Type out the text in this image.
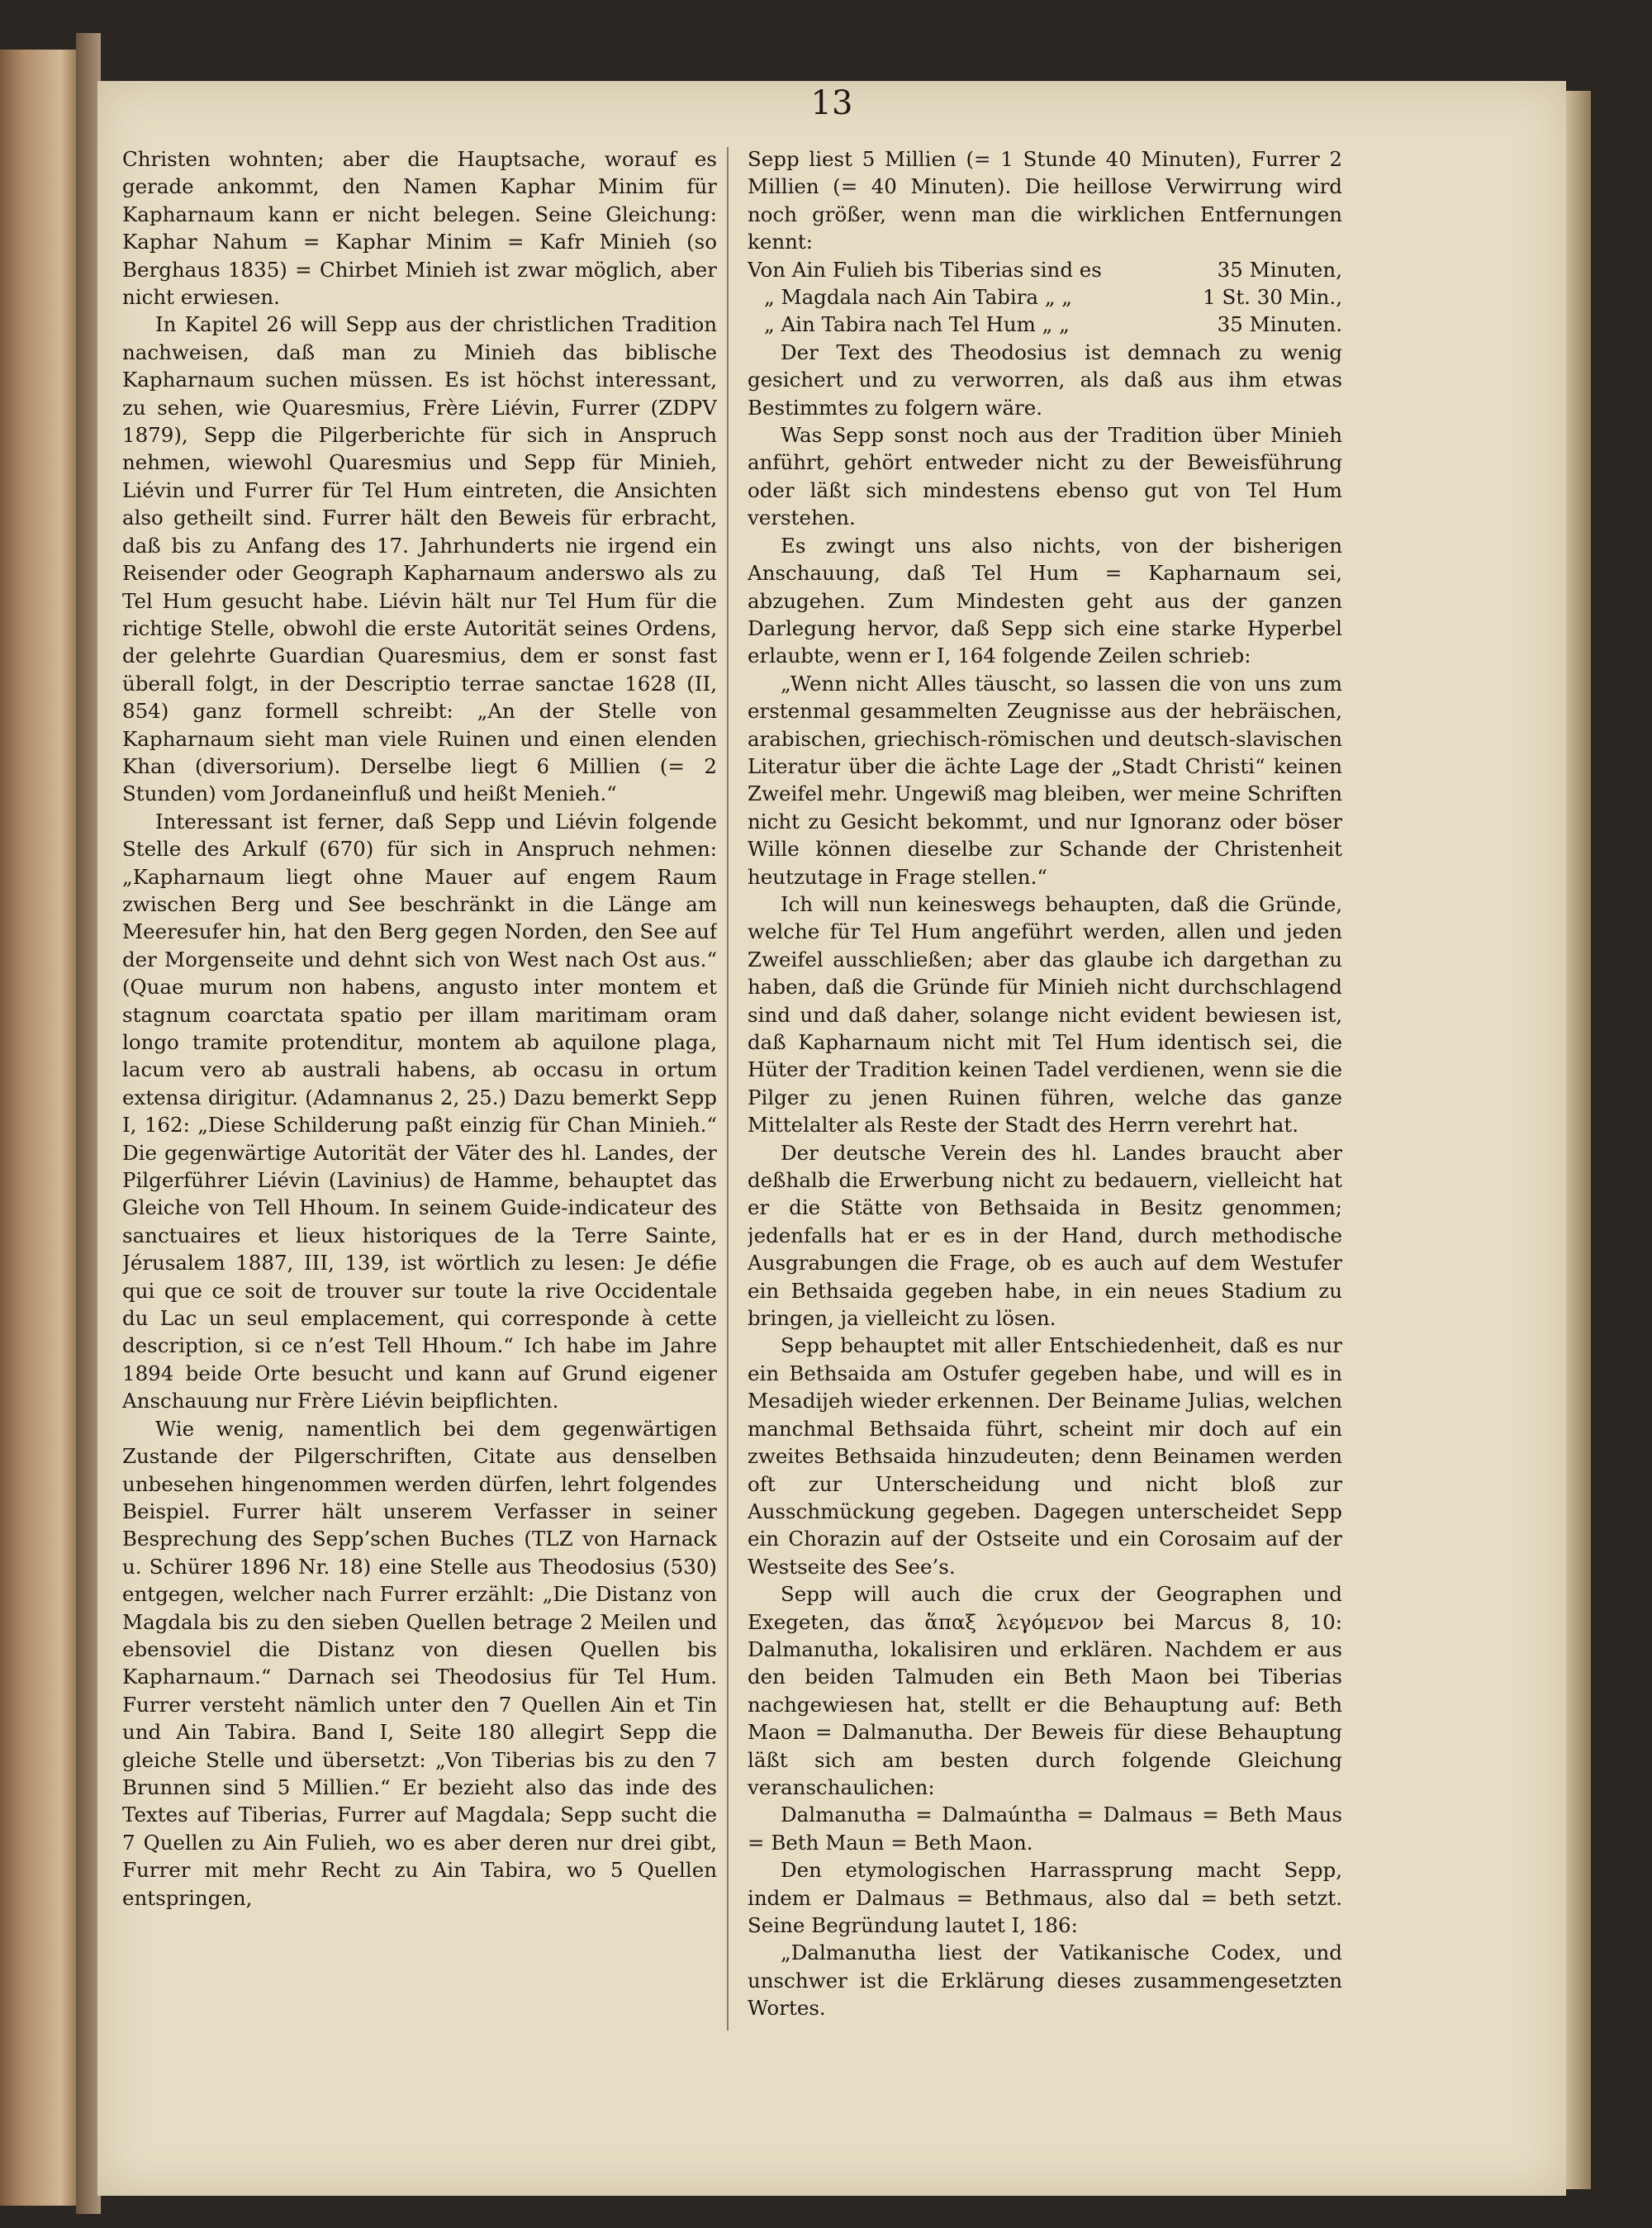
13

Christen wohnten; aber die Hauptsache, worauf es gerade ankommt, den Namen Kaphar Minim für Kapharnaum kann er nicht belegen. Seine Gleichung: Kaphar Nahum = Kaphar Minim = Kafr Minieh (so Berghaus 1835) = Chirbet Minieh ist zwar möglich, aber nicht erwiesen.

In Kapitel 26 will Sepp aus der christlichen Tradition nachweisen, daß man zu Minieh das biblische Kapharnaum suchen müssen. Es ist höchst interessant, zu sehen, wie Quaresmius, Frère Liévin, Furrer (ZDPV 1879), Sepp die Pilgerberichte für sich in Anspruch nehmen, wiewohl Quaresmius und Sepp für Minieh, Liévin und Furrer für Tel Hum eintreten, die Ansichten also getheilt sind. Furrer hält den Beweis für erbracht, daß bis zu Anfang des 17. Jahrhunderts nie irgend ein Reisender oder Geograph Kapharnaum anderswo als zu Tel Hum gesucht habe. Liévin hält nur Tel Hum für die richtige Stelle, obwohl die erste Autorität seines Ordens, der gelehrte Guardian Quaresmius, dem er sonst fast überall folgt, in der Descriptio terrae sanctae 1628 (II, 854) ganz formell schreibt: „An der Stelle von Kapharnaum sieht man viele Ruinen und einen elenden Khan (diversorium). Derselbe liegt 6 Millien (= 2 Stunden) vom Jordaneinfluß und heißt Menieh.“

Interessant ist ferner, daß Sepp und Liévin folgende Stelle des Arkulf (670) für sich in Anspruch nehmen: „Kapharnaum liegt ohne Mauer auf engem Raum zwischen Berg und See beschränkt in die Länge am Meeresufer hin, hat den Berg gegen Norden, den See auf der Morgenseite und dehnt sich von West nach Ost aus.“ (Quae murum non habens, angusto inter montem et stagnum coarctata spatio per illam maritimam oram longo tramite protenditur, montem ab aquilone plaga, lacum vero ab australi habens, ab occasu in ortum extensa dirigitur. (Adamnanus 2, 25.) Dazu bemerkt Sepp I, 162: „Diese Schilderung paßt einzig für Chan Minieh.“ Die gegenwärtige Autorität der Väter des hl. Landes, der Pilgerführer Liévin (Lavinius) de Hamme, behauptet das Gleiche von Tell Hhoum. In seinem Guide-indicateur des sanctuaires et lieux historiques de la Terre Sainte, Jérusalem 1887, III, 139, ist wörtlich zu lesen: Je défie qui que ce soit de trouver sur toute la rive Occidentale du Lac un seul emplacement, qui corresponde à cette description, si ce n’est Tell Hhoum.“ Ich habe im Jahre 1894 beide Orte besucht und kann auf Grund eigener Anschauung nur Frère Liévin beipflichten.

Wie wenig, namentlich bei dem gegenwärtigen Zustande der Pilgerschriften, Citate aus denselben unbesehen hingenommen werden dürfen, lehrt folgendes Beispiel. Furrer hält unserem Verfasser in seiner Besprechung des Sepp’schen Buches (TLZ von Harnack u. Schürer 1896 Nr. 18) eine Stelle aus Theodosius (530) entgegen, welcher nach Furrer erzählt: „Die Distanz von Magdala bis zu den sieben Quellen betrage 2 Meilen und ebensoviel die Distanz von diesen Quellen bis Kapharnaum.“ Darnach sei Theodosius für Tel Hum. Furrer versteht nämlich unter den 7 Quellen Ain et Tin und Ain Tabira. Band I, Seite 180 allegirt Sepp die gleiche Stelle und übersetzt: „Von Tiberias bis zu den 7 Brunnen sind 5 Millien.“ Er bezieht also das inde des Textes auf Tiberias, Furrer auf Magdala; Sepp sucht die 7 Quellen zu Ain Fulieh, wo es aber deren nur drei gibt, Furrer mit mehr Recht zu Ain Tabira, wo 5 Quellen entspringen,

Sepp liest 5 Millien (= 1 Stunde 40 Minuten), Furrer 2 Millien (= 40 Minuten). Die heillose Verwirrung wird noch größer, wenn man die wirklichen Entfernungen kennt:

Von Ain Fulieh bis Tiberias sind es	35 Minuten,
„ Magdala nach Ain Tabira „ „	1 St. 30 Min.,
„ Ain Tabira nach Tel Hum „ „	35 Minuten.

Der Text des Theodosius ist demnach zu wenig gesichert und zu verworren, als daß aus ihm etwas Bestimmtes zu folgern wäre.

Was Sepp sonst noch aus der Tradition über Minieh anführt, gehört entweder nicht zu der Beweisführung oder läßt sich mindestens ebenso gut von Tel Hum verstehen.

Es zwingt uns also nichts, von der bisherigen Anschauung, daß Tel Hum = Kapharnaum sei, abzugehen. Zum Mindesten geht aus der ganzen Darlegung hervor, daß Sepp sich eine starke Hyperbel erlaubte, wenn er I, 164 folgende Zeilen schrieb:

„Wenn nicht Alles täuscht, so lassen die von uns zum erstenmal gesammelten Zeugnisse aus der hebräischen, arabischen, griechisch-römischen und deutsch-slavischen Literatur über die ächte Lage der „Stadt Christi“ keinen Zweifel mehr. Ungewiß mag bleiben, wer meine Schriften nicht zu Gesicht bekommt, und nur Ignoranz oder böser Wille können dieselbe zur Schande der Christenheit heutzutage in Frage stellen.“

Ich will nun keineswegs behaupten, daß die Gründe, welche für Tel Hum angeführt werden, allen und jeden Zweifel ausschließen; aber das glaube ich dargethan zu haben, daß die Gründe für Minieh nicht durchschlagend sind und daß daher, solange nicht evident bewiesen ist, daß Kapharnaum nicht mit Tel Hum identisch sei, die Hüter der Tradition keinen Tadel verdienen, wenn sie die Pilger zu jenen Ruinen führen, welche das ganze Mittelalter als Reste der Stadt des Herrn verehrt hat.

Der deutsche Verein des hl. Landes braucht aber deßhalb die Erwerbung nicht zu bedauern, vielleicht hat er die Stätte von Bethsaida in Besitz genommen; jedenfalls hat er es in der Hand, durch methodische Ausgrabungen die Frage, ob es auch auf dem Westufer ein Bethsaida gegeben habe, in ein neues Stadium zu bringen, ja vielleicht zu lösen.

Sepp behauptet mit aller Entschiedenheit, daß es nur ein Bethsaida am Ostufer gegeben habe, und will es in Mesadijeh wieder erkennen. Der Beiname Julias, welchen manchmal Bethsaida führt, scheint mir doch auf ein zweites Bethsaida hinzudeuten; denn Beinamen werden oft zur Unterscheidung und nicht bloß zur Ausschmückung gegeben. Dagegen unterscheidet Sepp ein Chorazin auf der Ostseite und ein Corosaim auf der Westseite des See’s.

Sepp will auch die crux der Geographen und Exegeten, das ἅπαξ λεγόμενον bei Marcus 8, 10: Dalmanutha, lokalisiren und erklären. Nachdem er aus den beiden Talmuden ein Beth Maon bei Tiberias nachgewiesen hat, stellt er die Behauptung auf: Beth Maon = Dalmanutha. Der Beweis für diese Behauptung läßt sich am besten durch folgende Gleichung veranschaulichen:

Dalmanutha = Dalmaúntha = Dalmaus = Beth Maus = Beth Maun = Beth Maon.

Den etymologischen Harrassprung macht Sepp, indem er Dalmaus = Bethmaus, also dal = beth setzt. Seine Begründung lautet I, 186:

„Dalmanutha liest der Vatikanische Codex, und unschwer ist die Erklärung dieses zusammengesetzten Wortes.
